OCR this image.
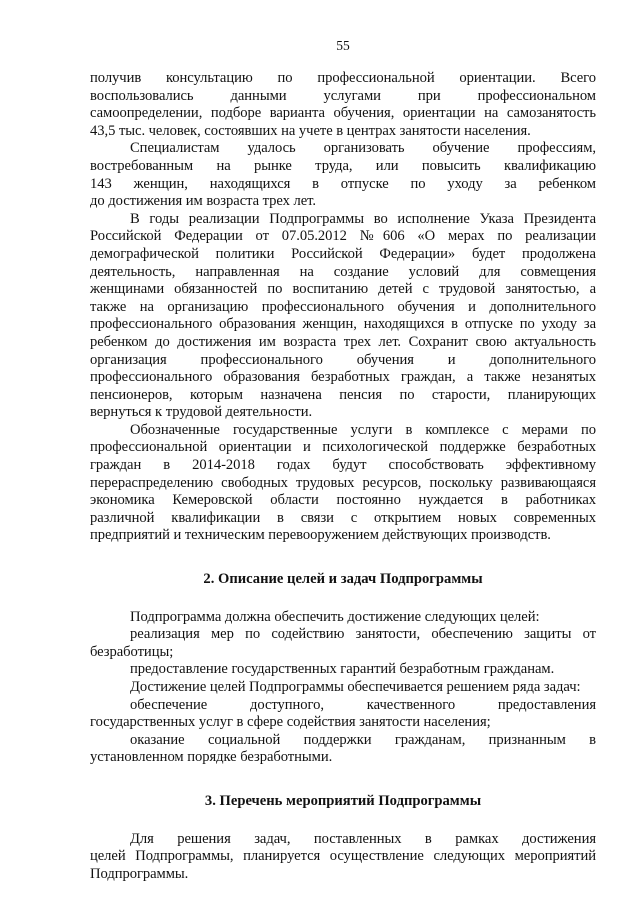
55

получив консультацию по профессиональной ориентации. Всего

воспользовались данными услугами при профессиональном

самоопределении, подборе варианта обучения, ориентации на самозанятость

43,5 тыс. человек, состоявших на учете в центрах занятости населения.

Специалистам удалось организовать обучение профессиям,

востребованным на рынке труда, или повысить квалификацию

143 женщин, находящихся в отпуске по уходу за ребенком

до достижения им возраста трех лет.

В годы реализации Подпрограммы во исполнение Указа Президента

Российской Федерации от 07.05.2012 №606 «О мерах по реализации

демографической политики Российской Федерации» будет продолжена

деятельность, направленная на создание условий для совмещения

женщинами обязанностей по воспитанию детей с трудовой занятостью, а

также на организацию профессионального обучения и дополнительного

профессионального образования женщин, находящихся в отпуске по уходу за

ребенком до достижения им возраста трех лет. Сохранит свою актуальность

организация профессионального обучения и дополнительного

профессионального образования безработных граждан, а также незанятых

пенсионеров, которым назначена пенсия по старости, планирующих

вернуться к трудовой деятельности.

Обозначенные государственные услуги в комплексе с мерами по

профессиональной ориентации и психологической поддержке безработных

граждан в 2014-2018 годах будут способствовать эффективному

перераспределению свободных трудовых ресурсов, поскольку развивающаяся

экономика Кемеровской области постоянно нуждается в работниках

различной квалификации в связи с открытием новых современных

предприятий и техническим перевооружением действующих производств.

2. Описание целей и задач Подпрограммы

Подпрограмма должна обеспечить достижение следующих целей:

реализация мер по содействию занятости, обеспечению защиты от

безработицы;

предоставление государственных гарантий безработным гражданам.

Достижение целей Подпрограммы обеспечивается решением ряда задач:

обеспечение доступного, качественного предоставления

государственных услуг в сфере содействия занятости населения;

оказание социальной поддержки гражданам, признанным в

установленном порядке безработными.

3. Перечень мероприятий Подпрограммы

Для решения задач, поставленных в рамках достижения

целей Подпрограммы, планируется осуществление следующих мероприятий

Подпрограммы.
